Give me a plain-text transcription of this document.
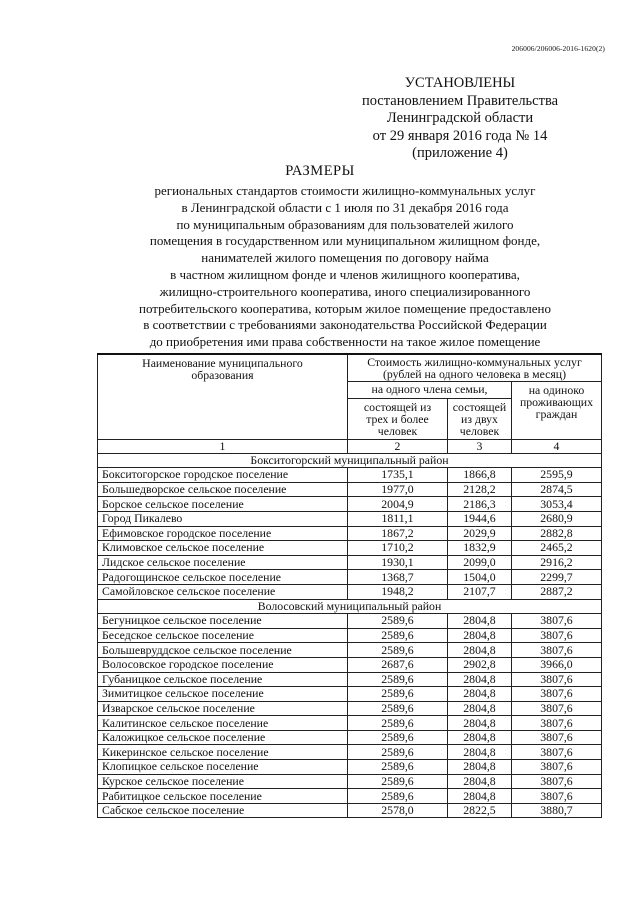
206006/206006-2016-1620(2)
УСТАНОВЛЕНЫ
постановлением Правительства
Ленинградской области
от 29 января 2016 года № 14
(приложение 4)
РАЗМЕРЫ
региональных стандартов стоимости жилищно-коммунальных услуг
в Ленинградской области с 1 июля по 31 декабря 2016 года
по муниципальным образованиям для пользователей жилого
помещения в государственном или муниципальном жилищном фонде,
нанимателей жилого помещения по договору найма
в частном жилищном фонде и членов жилищного кооператива,
жилищно-строительного кооператива, иного специализированного
потребительского кооператива, которым жилое помещение предоставлено
в соответствии с требованиями законодательства Российской Федерации
до приобретения ими права собственности на такое жилое помещение
Наименование муниципального образования	Стоимость жилищно-коммунальных услуг (рублей на одного человека в месяц)		
	на одного члена семьи,		на одиноко проживающих граждан
	состоящей из трех и более человек	состоящей из двух человек	
1	2	3	4
Бокситогорский муниципальный район			
Бокситогорское городское поселение	1735,1	1866,8	2595,9
Большедворское сельское поселение	1977,0	2128,2	2874,5
Борское сельское поселение	2004,9	2186,3	3053,4
Город Пикалево	1811,1	1944,6	2680,9
Ефимовское городское поселение	1867,2	2029,9	2882,8
Климовское сельское поселение	1710,2	1832,9	2465,2
Лидское сельское поселение	1930,1	2099,0	2916,2
Радогощинское сельское поселение	1368,7	1504,0	2299,7
Самойловское сельское поселение	1948,2	2107,7	2887,2
Волосовский муниципальный район			
Бегуницкое сельское поселение	2589,6	2804,8	3807,6
Беседское сельское поселение	2589,6	2804,8	3807,6
Большевруддское сельское поселение	2589,6	2804,8	3807,6
Волосовское городское поселение	2687,6	2902,8	3966,0
Губаницкое сельское поселение	2589,6	2804,8	3807,6
Зимитицкое сельское поселение	2589,6	2804,8	3807,6
Изварское сельское поселение	2589,6	2804,8	3807,6
Калитинское сельское поселение	2589,6	2804,8	3807,6
Каложицкое сельское поселение	2589,6	2804,8	3807,6
Кикеринское сельское поселение	2589,6	2804,8	3807,6
Клопицкое сельское поселение	2589,6	2804,8	3807,6
Курское сельское поселение	2589,6	2804,8	3807,6
Рабитицкое сельское поселение	2589,6	2804,8	3807,6
Сабское сельское поселение	2578,0	2822,5	3880,7
